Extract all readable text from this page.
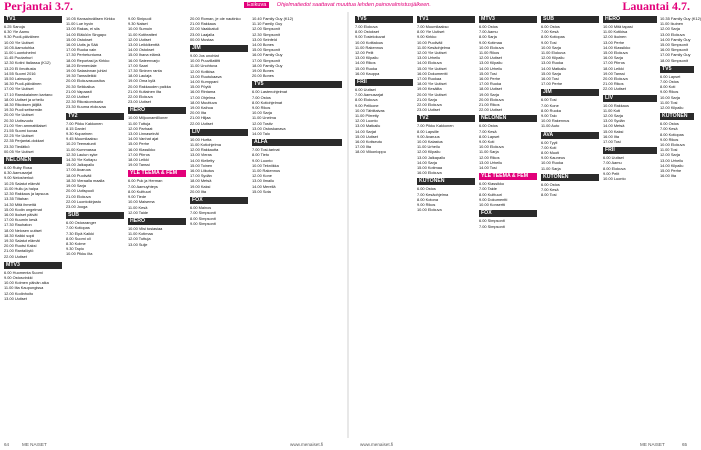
Perjantai 3.7.	Esikuva Ohjelmatiedot saattavat muuttua lehden painovalmistusjälkeen.	Lauantai 4.7.
TV1
6.25 Sanoja
6.30 Yle Aamu
9.30 Puoli-päiväinen
10.00 Yle Uutiset
10.05 Aamutuhka
11.00 Luontohelmi
11.45 Puutarhuri
12.30 Kotini Italiassa (K12)
13.20 Ei ilmoitusta
14.55 Suomi 2016
15.50 Lainsuoja
16.30 Puoli-päiväinen
17.00 Yle Uutiset
17.10 Ranskalainen kartano
18.00 Uutiset ja urheilu
18.30 Rikoksen jäljillä
19.30 Puoli seitsemän
20.00 Yle Uutiset
20.30 Uutisvuoto
21.00 Ylen ammattilaiset
21.55 Suomi kuvaa
22.25 Yle Uutiset
22.35 Perjantai-dokkari
23.30 Tiedätkö
00.05 Yle Uutiset
NELONEN
6.00 Ruby Rosa
6.30 Aamusarjat
9.00 Nelosherkut
10.25 Salatut elämät
11.00 Hullu ja halpa
12.30 Rakkaus ja lapsuus
13.35 Tiltahan
14.30 Mitä ihmettä
15.00 Kodin ongelmat
16.00 Ikuiset päivät
17.00 Kuumin kesä
17.30 Rauhaton
18.00 Nelosen uutiset
18.30 Kaikki sopii
19.30 Salatut elämät
20.00 Ruotsi Kaksi
21.00 Rantalöytö
22.00 Uutiset
MTV3
6.00 Huomenta Suomi
9.00 Ostosvinkki
10.00 Kolmen päivän aika
11.00 Ilta Kaupungissa
12.00 Kodinhoito
13.00 Uutiset
10.05 Kansainvälisen Kirkko
11.00 Lue hyvin
13.00 Rakas, ei siis
14.00 Eläköön Singapo
15.00 Ostokset
16.00 Uutis ja Sää
17.00 Ruoka vain
17.30 Perhetuntuma
18.00 Reportasi ja Kirkko
18.20 Emmerdale
19.00 Satasinnan juhlat
19.30 Tanssileikki
20.00 Elokuvasuositus
20.30 Seikkailua
21.00 Vapaasti
22.00 Uutiset
22.30 Rikoskomisario
23.30 Kuuma elokuvaa
TV2
7.00 Pikku Kakkonen
8.15 Daniel
9.30 Kuparinen
9.45 Muumilaakso
10.20 Teematunti
11.00 Kummassa
12.30 Laulun syke
14.30 Yle Kotiapu
15.00 Jalkapallo
17.00 Avaruus
18.00 Puoliväli
18.30 Vieraalla maalla
19.00 Sarja
20.00 Uutispuoli
21.00 Elokuva
22.00 Luontokirjasto
23.00 Jooga
SUB
6.00 Ostosranger
7.00 Kotiopas
7.30 Eipä Kaikki
8.00 Suomi oli
8.30 Kolme
9.30 Tapio
10.00 Pikku ilta
9.00 Sinipuoli
9.30 Naiset
10.00 Sumuin
11.00 Kotiteatteri
12.00 Uutiset
13.00 Leikkikenttä
14.00 Ostokset
15.00 Ihana elämä
16.00 Sateenvarjo
17.00 Saari
17.30 Sininen ranta
18.00 Laulaja
19.00 Oma kylä
20.00 Rakkauden paikka
21.00 Kultainen ilta
22.00 Elokuva
23.00 Uutiset
HERO
10.00 Miljoonamillioner
11.00 Tuttuja
12.00 Parhaat
13.00 Linnaseinät
14.00 Vanhat ajat
15.00 Perhe
16.00 Klassikko
17.00 Piirros
18.00 Leikki
19.00 Tanssi
YLE TEEMA & FEM
6.00 Puk ja Herman
7.00 Aamuyhteys
8.00 Kulttuuri
9.00 Tiede
10.00 Maisema
11.00 Kesä
12.00 Taide
HERO
10.00 Viisi tosiasiaa
11.00 Kotimaa
12.00 Tuttuja
13.00 Sulje
20.00 Roman, je ole nautinko
21.00 Rakkaus
22.00 Vaakkatuli
23.00 Laajalla
00.00 Mustaa
JIM
9.00 Jos unohtat
10.00 Puuvillatiitti
11.00 Unohtuva
12.00 Kotikisa
13.00 Ruutukaava
14.00 Kumppani
15.00 Pöytä
16.00 Rintama
17.00 Ohjelma
18.00 Muuttuva
19.00 Kaihoa
20.00 Ilta
21.00 Hiljaa
22.00 Uutiset
LIV
10.00 Hurtta
11.00 Kotiohjelma
12.00 Rakkautta
13.00 Vieras
14.00 Kielletty
15.00 Toinen
16.00 Liikutus
17.00 Sydän
18.00 Metsä
19.00 Kaksi
20.00 Ilta
FOX
6.00 Mainos
7.00 Simpsonit
8.00 Simpsonit
9.00 Simpsonit
10.40 Family Guy (K12)
11.10 Family Guy
12.00 Simpsonit
12.30 Simpsonit
13.00 Seinfeld
14.00 Bones
15.00 Simpsonit
16.00 Family Guy
17.00 Simpsonit
18.00 Family Guy
19.00 Bones
20.00 Bones
TV5
6.00 Lastenohjelmat
7.00 Ostos
8.00 Kotiohjelmat
9.00 Rikos
10.00 Sarja
11.00 Unelma
12.00 Tositv
13.00 Ostoskanava
14.00 Talo
ALFA
7.00 Tosi-tarinat
8.00 Tieto
9.00 Luonto
10.00 Tekniikka
11.00 Rakennus
12.00 Kone
13.00 Ilmailu
14.00 Merellä
15.00 Sota
TV5
7.00 Elokuva
8.00 Ostokset
9.00 Tosielokuvat
10.00 Kotitalous
11.00 Rakennus
12.00 Pelit
13.00 Kilpailu
14.00 Rikos
15.00 Ruoka
16.00 Kauppa
FRII
6.00 Uutiset
7.00 Aamusarjat
8.00 Elokuva
9.00 Pelikone
10.00 Tähtitaivas
11.00 Piirretty
12.00 Luonto
13.00 Matkailu
14.00 Sarjat
15.00 Uutiset
16.00 Kotiseutu
17.00 Ilta
18.00 Viikonloppu
TV1
7.00 Muumilaakso
8.00 Yle Uutiset
9.00 Kirkko
10.00 Puoliväli
11.00 Kesäohjelma
12.00 Yle Uutiset
13.00 Urheilu
14.00 Elokuva
15.00 Yle Uutiset
16.00 Dokumentti
17.00 Ruokaa
18.00 Yle Uutiset
19.00 Kesäilta
20.00 Yle Uutiset
21.00 Sarja
22.00 Elokuva
23.00 Uutiset
TV2
7.00 Pikku Kakkonen
8.00 Lapsille
9.00 Avaruus
10.00 Kalastus
11.00 Urheilu
12.00 Kilpailu
13.00 Jalkapallo
14.00 Sarja
15.00 Kotimaa
16.00 Elokuva
KUTONEN
6.00 Ostos
7.00 Kesäohjelma
8.00 Kotona
9.00 Rikos
10.00 Elokuva
MTV3
6.00 Ostos
7.00 Aamu
8.00 Sarja
9.00 Kotimaa
10.00 Elokuva
11.00 Rikos
12.00 Uutiset
13.00 Kilpailu
14.00 Urheilu
15.00 Tosi
16.00 Perhe
17.00 Ruoka
18.00 Uutiset
19.00 Sarja
20.00 Elokuva
21.00 Rikos
22.00 Uutiset
NELONEN
6.00 Ostos
7.00 Kesä
8.00 Lapset
9.00 Koti
10.00 Elokuva
11.00 Sarja
12.00 Rikos
13.00 Urheilu
14.00 Tosi
YLE TEEMA & FEM
6.00 Klassikko
7.00 Taide
8.00 Kulttuuri
9.00 Dokumentti
10.00 Konsertti
FOX
6.00 Simpsonit
7.00 Simpsonit
SUB
6.00 Ostos
7.00 Kesä
8.00 Kotiopas
9.00 Tosi
10.00 Sarja
11.00 Elokuva
12.00 Kilpailu
13.00 Ruoka
14.00 Matkailu
15.00 Sarja
16.00 Tosi
17.00 Perhe
JIM
6.00 Tosi
7.00 Kone
8.00 Ruoka
9.00 Talo
10.00 Rakennus
11.00 Auto
AVA
6.00 Tyyli
7.00 Koti
8.00 Muoti
9.00 Kauneus
10.00 Ruoka
11.00 Sarja
KUTONEN
6.00 Ostos
7.00 Kesä
8.00 Tosi
HERO
10.00 Mitä tapasi
11.00 Kotikisa
12.00 Ikuinen
13.00 Perhe
14.00 Klassikko
15.00 Elokuva
16.00 Sarja
17.00 Piirros
18.00 Leikki
19.00 Tanssi
20.00 Elokuva
21.00 Rikos
22.00 Uutiset
LIV
10.00 Rakkaus
11.00 Koti
12.00 Sarja
13.00 Sydän
14.00 Metsä
15.00 Kaksi
16.00 Ilta
17.00 Tosi
FRII
6.00 Uutiset
7.00 Aamu
8.00 Elokuva
9.00 Pelit
10.00 Luonto
10.35 Family Guy (K12)
11.00 Ikuinen
12.00 Sarja
13.00 Elokuva
14.00 Family Guy
15.00 Simpsonit
16.00 Simpsonit
17.00 Family Guy
18.00 Simpsonit
TV5
6.00 Lapset
7.00 Ostos
8.00 Koti
9.00 Rikos
10.00 Sarja
11.00 Tosi
12.00 Kilpailu
KUTONEN
6.00 Ostos
7.00 Kesä
8.00 Kotiopas
9.00 Rikos
10.00 Elokuva
11.00 Tosi
12.00 Sarja
13.00 Urheilu
14.00 Kilpailu
15.00 Perhe
16.00 Ilta
64	ME NAISET	www.menaiset.fi	www.menaiset.fi	ME NAISET	65
